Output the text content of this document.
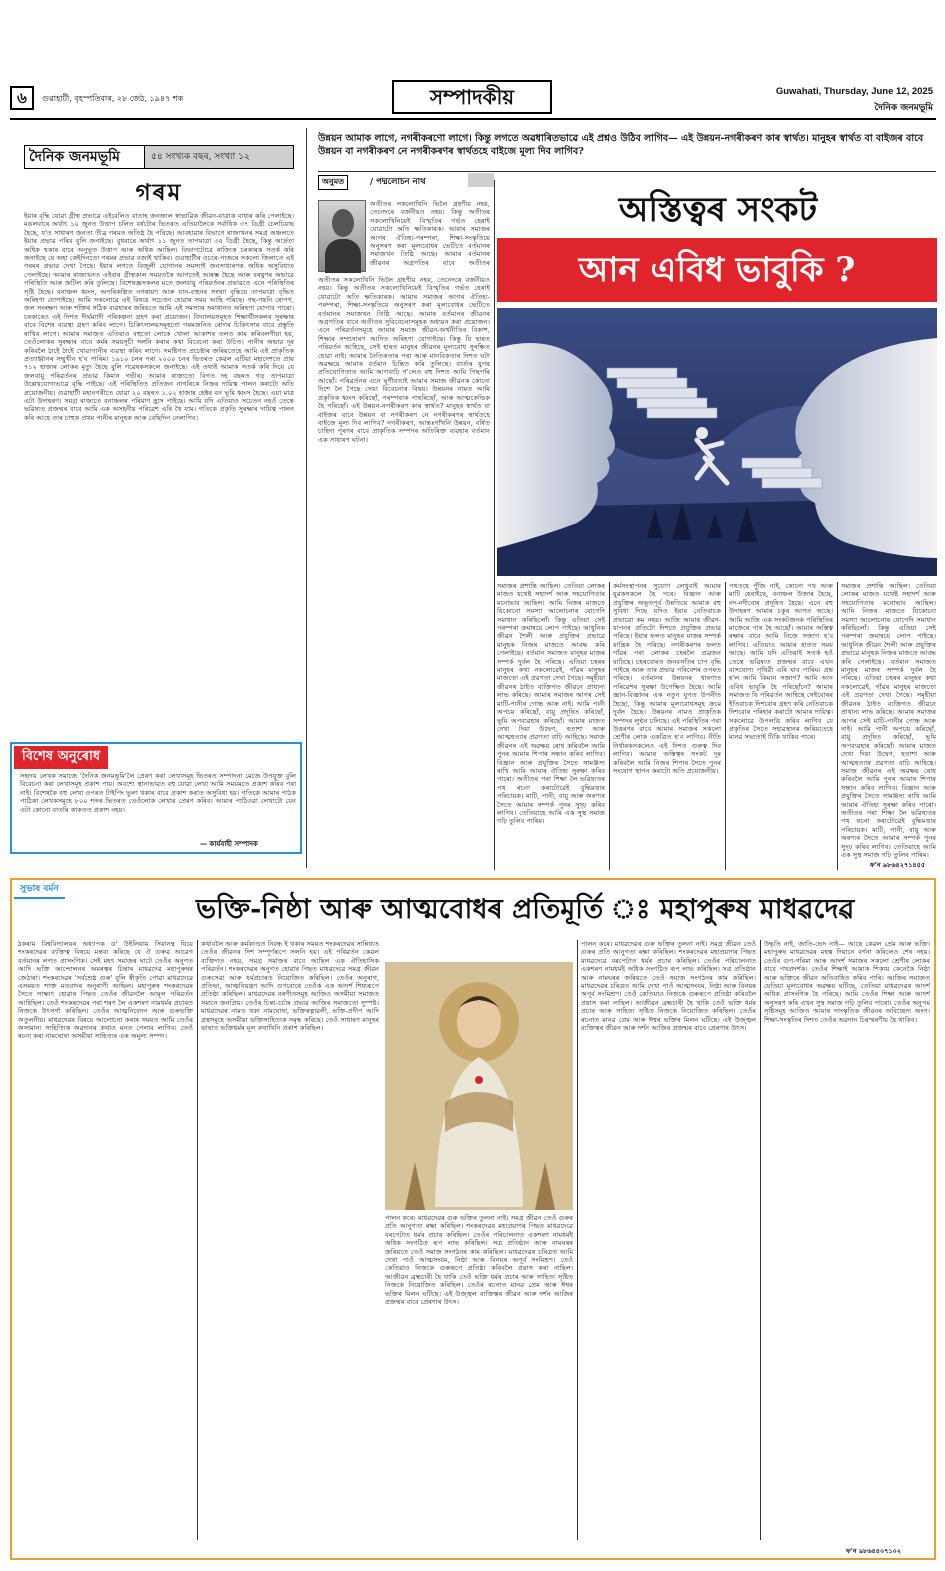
৬	গুৱাহাটী, বৃহস্পতিবাৰ, ২৮ জেঠ, ১৯৪৭ শক	সম্পাদকীয়	Guwahati, Thursday, June 12, 2025
দৈনিক জনমভূমি
দৈনিক জনমভূমি	৫৪ সংখ্যক বছৰ, সংখ্যা ১২
গৰম
ইয়াৰ বৃদ্ধি যোৱা গ্ৰীষ্ম প্ৰভাৱে এইবেলিও বাতাহ জনজাল স্বাভাৱিক জীৱন-যাত্ৰাক বাধাৰ কৰি পেলাইছে। মঙলবাৰে অৰ্থাৎ ১০ জুনত উত্তাপ চলিত বৰ্ষটোৰ ভিতৰত এতিয়ালৈকে সৰ্বাধিক ৩৭ ডিগ্ৰী চেলচিয়াছ হৈছে, য'ত সাধাৰণ জনতা তীব্ৰ গৰমত অতিষ্ঠ হৈ পৰিছে। আবহাৱাৰ বিভাগে ৰাজ্যখনৰ সমগ্ৰ অঞ্চলতে ইয়াৰ প্ৰভাৱ পৰিব বুলি জনাইছে। বুধবাৰে অৰ্থাৎ ১১ জুনত তাপমাত্ৰা ৩৫ ডিগ্ৰী হৈছে, কিন্তু আৰ্দ্ৰতা অধিক থকাৰ বাবে অনুভূত উত্তাপ আৰু অধিক আছিল। বিভাগটোৱে ৰাজ্যিক চৰকাৰক সতৰ্ক কৰি জনাইছে যে অহা কেইদিনতো গৰমৰ প্ৰভাৱ বজাই থাকিব। গুৱাহাটীৰ ওচৰে-পাজৰে সকলো জিলাতে এই গৰমৰ প্ৰভাৱ দেখা গৈছে। ইয়াৰ লগতে বিজুলী যোগানৰ সমস্যাই জনসাধাৰণক অধিক অসুবিধাত পেলাইছে। আমাৰ ৰাজ্যখনত এইবাৰ গ্ৰীষ্মকাল সময়তকৈ আগতেই আৰম্ভ হৈছে আৰু বৰষুণৰ অভাৱে পৰিস্থিতি আৰু জটিল কৰি তুলিছে। বিশেষজ্ঞসকলৰ মতে জলবায়ু পৰিৱৰ্তনৰ প্ৰভাৱতে এনে পৰিস্থিতিৰ সৃষ্টি হৈছে। বনাঞ্চল ধ্বংস, অপৰিকল্পিত নগৰায়ণ আৰু যান-বাহনৰ সংখ্যা বৃদ্ধিয়ে তাপমাত্ৰা বৃদ্ধিত অৰিহণা যোগাইছে। আমি সকলোৱে এই বিষয়ে সচেতন হোৱাৰ সময় আহি পৰিছে। গছ-গছনি ৰোপণ, জল সংৰক্ষণ আৰু শক্তিৰ সঠিক ব্যৱহাৰৰ জৰিয়তে আমি এই সমস্যাৰ সমাধানত অৰিহণা যোগাব পাৰো। চৰকাৰেও এই দিশত দীৰ্ঘম্যাদী পৰিকল্পনা গ্ৰহণ কৰা প্ৰয়োজন। বিদ্যালয়সমূহত শিক্ষাৰ্থীসকলৰ সুৰক্ষাৰ বাবে বিশেষ ব্যৱস্থা গ্ৰহণ কৰিব লাগে। চিকিৎসালয়সমূহতো গৰমজনিত ৰোগৰ চিকিৎসাৰ বাবে প্ৰস্তুতি ৰাখিব লাগে। আমাৰ সমাজত এতিয়াও বহুতো লোকে খোলা আকাশৰ তলত কাম কৰিবলগীয়া হয়, তেওঁলোকৰ সুৰক্ষাৰ বাবে কৰ্মৰ সময়সূচী সলনি কৰাৰ কথা বিবেচনা কৰা উচিত। পানীৰ অভাৱ দূৰ কৰিবলৈ ঠাইে ঠাইে খোৱাপানীৰ ব্যৱস্থা কৰিব লাগে। সমষ্টিগত প্ৰচেষ্টাৰ জৰিয়তেহে আমি এই প্ৰাকৃতিক প্ৰত্যাহ্বানৰ সন্মুখীন হ'ব পাৰিম। ১৯১০ চনৰ পৰা ২০০০ চনৰ ভিতৰত কেৱল এটিয়া মহাদেশতে প্ৰায় ৭১২ হাজাৰ লোকৰ মৃত্যু হৈছে বুলি গৱেষকসকলে জনাইছে। এই তথ্যই আমাক সতৰ্ক কৰি দিয়ে যে জলবায়ু পৰিৱৰ্তনৰ প্ৰভাৱ কিমান গভীৰ। আমাৰ ৰাজ্যতো বিগত দহ বছৰত গড় তাপমাত্ৰা উল্লেখযোগ্যভাৱে বৃদ্ধি পাইছে। এই পৰিস্থিতিত প্ৰতিজন নাগৰিকে নিজৰ দায়িত্ব পালন কৰাটো অতি প্ৰয়োজনীয়। গুৱাহাটী মহানগৰীতে যোৱা ২০ বছৰত ১.০২ হাজাৰ হেক্টৰ বন ভূমি ধ্বংস হৈছে। এয়া মাত্ৰ এটা উদাহৰণ। সমগ্ৰ ৰাজ্যতে বনাঞ্চলৰ পৰিমাণ হ্ৰাস পাইছে। আমি যদি এতিয়াও সচেতন নহওঁ তেন্তে ভৱিষ্যত প্ৰজন্মৰ বাবে আমি এক অসহনীয় পৰিৱেশ এৰি থৈ যাম। গতিকে প্ৰকৃতি সুৰক্ষাৰ দায়িত্ব পালন কৰি আহে তাৰ চাহুক প্ৰথম পানীৰ মানুহক আৰু বেছিদিন নেলাগিব।
বিশেষ অনুৰোধ
সহৃদয় লেখক সমাজে 'দৈনিক জনমভূমি'লৈ প্ৰেৰণ কৰা লেখাসমূহ ভিতৰত সম্পাদনা মেজে উপযুক্ত বুলি বিবেচনা কৰা লেখাসমূহ প্ৰকাশ পায়। অবশ্যে স্থানাভাৱত বহু যোৱা লেখা আমি সময়মতে প্ৰকাশ কৰিব পৰা নাই। বিশেষকৈ বহু লেখা ওপৰত টাইপিং ভুলা থকাৰ বাবে প্ৰকাশ কৰাত অসুবিধা হয়। গতিকে আমাৰ পাঠক পাঠিকা লেখকসমূহে ৮০০ শব্দৰ ভিতৰত তেওঁলোক লেখাৰ প্ৰেৰণ কৰিব। আমাৰ পাঠিওৱা লেখাটো যেন এটা কোনো বাতৰি কাকতত প্ৰকাশ নহয়।
— কাৰ্যবাহী সম্পাদক
উন্নয়ন আমাক লাগে, নগৰীকৰণো লাগে। কিন্তু লগতে অৱধাৰিতভাৱে এই প্ৰশ্নও উঠিব লাগিব— এই উন্নয়ন-নগৰীকৰণ কাৰ স্বাৰ্থত। মানুহৰ স্বাৰ্থত বা বাইজৰ বাবে উন্নয়ন বা নগৰীকৰণ নে নগৰীকৰণৰ স্বাৰ্থতহে বাইজে মূল্য দিব লাগিব?
অনুমত	/ পদ্মলোচন নাথ
অতীতৰ সকলোখিনি ভিলৈ গ্ৰহণীয় নহয়, তেনেদৰে বৰ্জনীয়ও নহয়। কিন্তু অতীতৰ সকলোখিনিয়েই বিস্মৃতিৰ গৰ্ভত হেৰাই যোৱাটো অতি ক্ষতিকাৰক। আমাৰ সমাজৰ আগৰ ঐতিহ্য-পৰম্পৰা, শিক্ষা-সংস্কৃতিয়ে অনুসৰণ কৰা মূল্যবোধৰ ভেটিতে বৰ্তমানৰ সমাজখন তিষ্ঠি আছে। আমাৰ বৰ্তমানৰ জীৱনৰ অগ্ৰগতিৰ বাবে অতীতৰ
অতীতৰ সকলোখিনি ভিলৈ গ্ৰহণীয় নহয়, তেনেদৰে বৰ্জনীয়ও নহয়। কিন্তু অতীতৰ সকলোখিনিয়েই বিস্মৃতিৰ গৰ্ভত হেৰাই যোৱাটো অতি ক্ষতিকাৰক। আমাৰ সমাজৰ আগৰ ঐতিহ্য-পৰম্পৰা, শিক্ষা-সংস্কৃতিয়ে অনুসৰণ কৰা মূল্যবোধৰ ভেটিতে বৰ্তমানৰ সমাজখন তিষ্ঠি আছে। আমাৰ বৰ্তমানৰ জীৱনৰ অগ্ৰগতিৰ বাবে অতীতৰ সুবিবেচনাসমূহক অধ্যয়ন কৰা প্ৰয়োজন। এনে পৰিৱৰ্তনসমূহে আমাৰ সমাজ জীৱন-অৰ্থনীতিৰ বিকাশ, শিক্ষাৰ সম্প্ৰসাৰণ আদিত অৰিহণা যোগাইছে। কিন্তু যি হাৰত পৰিৱৰ্তন আহিছে, সেই হাৰত মানুহৰ জীৱনৰ মূল্যবোধ সুৰক্ষিত হোৱা নাই। আমাৰ নৈতিকতাৰ পৰা আৰু মানবিকতাৰ দিশত ঘটা অৱক্ষয়ে আমাক বৰ্তমান চিন্তিত কৰি তুলিছে। বাৰ্তাৰ যুগৰ প্ৰতিযোগিতাত আমি আগবাঢ়ি গ'লেও বহু দিশত আমি পিছপৰি আছোঁ। পৰিৱৰ্তনৰ এনে ঘূৰ্ণীবতাই আমাৰ সমাজ জীৱনক কোনো দিশে লৈ গৈছে সেয়া বিবেচনাৰ বিষয়। উন্নয়নৰ নামত আমি প্ৰকৃতিক ধ্বংস কৰিছোঁ, পৰম্পৰাক পাহৰিছোঁ, আৰু আত্মকেন্দ্ৰিক হৈ পৰিছোঁ। এই উন্নয়ন-নগৰীকৰণ কাৰ স্বাৰ্থত? মানুহৰ স্বাৰ্থত বা বাইজৰ বাবে উন্নয়ন বা নগৰীকৰণ নে নগৰীকৰণৰ স্বাৰ্থতহে বাইজে মূল্য দিব লাগিব? নগৰীকৰণ, আন্তঃগাঁথনি উন্নয়ন, বৰ্ষিত চাহিদা পূৰণৰ বাবে প্ৰাকৃতিক সম্পদৰ অতিৰিক্ত ব্যৱহাৰ বৰ্তমান এক সাধাৰণ ঘটনা।
অস্তিত্বৰ সংকট
আন এবিধ ভাবুকি ?
সমাজৰ প্ৰশান্তি আছিল। তেতিয়া লোকৰ মাজত যথেষ্ট সহাদৰ্শ আৰু সহযোগিতাৰ মনোভাব আছিল। আমি নিজৰ মাজতে যিকোনো সমস্যা আলোচনাৰ যোগেদি সমাধান কৰিছিলোঁ। কিন্তু এতিয়া সেই পৰম্পৰা ক্ৰমান্বয়ে লোপ পাইছে। আধুনিক জীৱন শৈলী আৰু প্ৰযুক্তিৰ প্ৰভাৱে মানুহক নিজৰ মাজতে আবদ্ধ কৰি পেলাইছে। বৰ্তমান সমাজত মানুহৰ মাজৰ সম্পৰ্ক দুৰ্বল হৈ পৰিছে। এতিয়া চহৰৰ মানুহৰ কথা নকলোৱেই, গাঁৱৰ মানুহৰ মাজতো এই প্ৰৱণতা দেখা গৈছে। সমূহীয়া জীৱনৰ ঠাইত ব্যক্তিগত জীৱনে প্ৰাধান্য লাভ কৰিছে। আমাৰ সমাজৰ আগৰ সেই মাটি-পানীৰ গোন্ধ আৰু নাই। আমি পানী অপচয় কৰিছোঁ, বায়ু প্ৰদূষিত কৰিছোঁ, ভূমি অপব্যৱহাৰ কৰিছোঁ। আমাৰ মাজত দেখা দিয়া উদ্বেগ, হতাশা আৰু আত্মহত্যাৰ প্ৰৱণতা বাঢ়ি আহিছে। সমাজ জীৱনৰ এই অৱক্ষয় ৰোধ কৰিবলৈ আমি পুনৰ আমাৰ শিপাৰ সন্ধান কৰিব লাগিব। বিজ্ঞান আৰু প্ৰযুক্তিৰ সৈতে সামঞ্জস্য ৰাখি আমি আমাৰ ঐতিহ্য সুৰক্ষা কৰিব পাৰো। অতীতৰ পৰা শিক্ষা লৈ ভৱিষ্যতৰ পথ ৰচনা কৰাটোৱেই বুদ্ধিমত্তাৰ পৰিচায়ক। মাটি, পানী, বায়ু আৰু অৰণ্যৰ সৈতে আমাৰ সম্পৰ্ক পুনৰ সুদৃঢ় কৰিব লাগিব। তেতিয়াহে আমি এক সুস্থ সমাজ গঢ়ি তুলিব পাৰিম।
কৰ্মসংস্থাপনৰ সুযোগ লেখুবাই আমাৰ যুৱকসকলে হৈ পৰে। বিজ্ঞান আৰু প্ৰযুক্তিৰ অভূতপূৰ্ব উন্নতিয়ে আমাক বহু সুবিধা দিছে যদিও ইয়াৰ নেতিবাচক প্ৰভাৱো কম নহয়। আজি আমাৰ জীৱন-যাপনৰ প্ৰতিটো দিশতে প্ৰযুক্তিৰ প্ৰভাৱ পৰিছে। ইয়াৰ ফলত মানুহৰ মাজৰ সম্পৰ্ক যান্ত্ৰিক হৈ পৰিছে। নগৰীকৰণৰ ফলত গাঁৱৰ পৰা লোকৰ চহৰলৈ প্ৰব্ৰজন বাঢ়িছে। চহৰবোৰত জনবসতিৰ চাপ বৃদ্ধি পাইছে আৰু তাৰ প্ৰভাৱ পৰিবেশৰ ওপৰত পৰিছে। বৰ্তমানৰ উন্নয়নৰ ধাৰণাত পৰিৱেশৰ সুৰক্ষা উপেক্ষিত হৈছে। আমি জ্ঞান-বিজ্ঞানৰ এক নতুন যুগত উপনীত হৈছো, কিন্তু আমাৰ মূল্যবোধসমূহ ক্ৰমে দুৰ্বল হৈছে। উন্নয়নৰ নামত প্ৰাকৃতিক সম্পদৰ লুণ্ঠন চলিছে। এই পৰিস্থিতিৰ পৰা উত্তৰণৰ বাবে আমাৰ সমাজৰ সকলো শ্ৰেণীৰ লোক একত্ৰিত হ'ব লাগিব। নীতি নিৰ্ধাৰকসকলেও এই দিশত গুৰুত্ব দিব লাগিব। আমাৰ অস্তিত্বৰ সংকট দূৰ কৰিবলৈ আমি নিজৰ শিপাৰ সৈতে পুনৰ সংযোগ স্থাপন কৰাটো অতি প্ৰয়োজনীয়।
পথতহে পুঁজি নাই, কোনো পথ আৰু মাটি হেৰাইছে, বনাঞ্চল উজাৰ হৈছে, নদ-নদীবোৰ প্ৰদূষিত হৈছে। এনে বহু উদাহৰণ আমাৰ চকুৰ আগত আছে। আমি আজি এক সংকটজনক পৰিস্থিতিৰ মাজেৰে পাৰ হৈ আছোঁ। আমাৰ অস্তিত্ব ৰক্ষাৰ বাবে আমি নিজে সজাগ হ'ব লাগিব। এতিয়াও আমাৰ হাতত সময় আছে। আমি যদি এতিয়াই সতৰ্ক হওঁ তেন্তে ভৱিষ্যত প্ৰজন্মৰ বাবে এখন বাসযোগ্য পৃথিৱী এৰি যাব পাৰিম। প্ৰশ্ন হ'ল আমি কিমান সজাগ? আমি আন এবিধ ভাবুকি হৈ পৰিছোঁনে? আমাৰ সমাজত যি পৰিৱৰ্তন আহিছে সেইবোৰৰ ইতিবাচক দিশবোৰ গ্ৰহণ কৰি নেতিবাচক দিশবোৰ পৰিহাৰ কৰাটো আমাৰ দায়িত্ব। সকলোৱে উপলব্ধি কৰিব লাগিব যে প্ৰকৃতিৰ সৈতে সহাৱস্থানৰ জৰিয়তেহে মানৱ সভ্যতাই টিকি থাকিব পাৰে।
সমাজৰ প্ৰশান্তি আছিল। তেতিয়া লোকৰ মাজত যথেষ্ট সহাদৰ্শ আৰু সহযোগিতাৰ মনোভাব আছিল। আমি নিজৰ মাজতে যিকোনো সমস্যা আলোচনাৰ যোগেদি সমাধান কৰিছিলোঁ। কিন্তু এতিয়া সেই পৰম্পৰা ক্ৰমান্বয়ে লোপ পাইছে। আধুনিক জীৱন শৈলী আৰু প্ৰযুক্তিৰ প্ৰভাৱে মানুহক নিজৰ মাজতে আবদ্ধ কৰি পেলাইছে। বৰ্তমান সমাজত মানুহৰ মাজৰ সম্পৰ্ক দুৰ্বল হৈ পৰিছে। এতিয়া চহৰৰ মানুহৰ কথা নকলোৱেই, গাঁৱৰ মানুহৰ মাজতো এই প্ৰৱণতা দেখা গৈছে। সমূহীয়া জীৱনৰ ঠাইত ব্যক্তিগত জীৱনে প্ৰাধান্য লাভ কৰিছে। আমাৰ সমাজৰ আগৰ সেই মাটি-পানীৰ গোন্ধ আৰু নাই। আমি পানী অপচয় কৰিছোঁ, বায়ু প্ৰদূষিত কৰিছোঁ, ভূমি অপব্যৱহাৰ কৰিছোঁ। আমাৰ মাজত দেখা দিয়া উদ্বেগ, হতাশা আৰু আত্মহত্যাৰ প্ৰৱণতা বাঢ়ি আহিছে। সমাজ জীৱনৰ এই অৱক্ষয় ৰোধ কৰিবলৈ আমি পুনৰ আমাৰ শিপাৰ সন্ধান কৰিব লাগিব। বিজ্ঞান আৰু প্ৰযুক্তিৰ সৈতে সামঞ্জস্য ৰাখি আমি আমাৰ ঐতিহ্য সুৰক্ষা কৰিব পাৰো। অতীতৰ পৰা শিক্ষা লৈ ভৱিষ্যতৰ পথ ৰচনা কৰাটোৱেই বুদ্ধিমত্তাৰ পৰিচায়ক। মাটি, পানী, বায়ু আৰু অৰণ্যৰ সৈতে আমাৰ সম্পৰ্ক পুনৰ সুদৃঢ় কৰিব লাগিব। তেতিয়াহে আমি এক সুস্থ সমাজ গঢ়ি তুলিব পাৰিম।
ফ'ন ৯৮৬৪২৭১৪৫৫
সুভাষ বৰ্মন
ভক্তি-নিষ্ঠা আৰু আত্মবোধৰ প্ৰতিমূৰ্তি ঃ মহাপুৰুষ মাধৱদেৱ
ঠকৰাম বিশ্ববিদ্যালয়ৰ অধ্যাপক ড' উইলিয়াম সিয়ানন্থ যিয়ে শংকৰদেৱৰ ব্যক্তিত্ব বিষয়ে মন্তব্য কৰিছে যে ঐ গুৰুৱ আৱেগ বৰ্তমানৰ লগত প্ৰাসংগিক। সেই মহৎ সমাজৰ ঘাটে তেওঁৰ অনুগত আদি ভক্তি আন্দোলনৰ অমৰত্বৰ চিন্তাৰ মাধৱদেৱ মহাপুৰুষৰ জেঠাৰা। শংকৰদেৱৰ 'সৰ্বশ্ৰেষ্ঠ গুৰু' বুলি স্বীকৃতি পোৱা মাধৱদেৱে এসময়ত শাক্ত মতবাদৰ অনুৰাগী আছিল। মহাপুৰুষ শংকৰদেৱৰ সৈতে সাক্ষাৎ হোৱাৰ পিছত তেওঁৰ জীৱনলৈ আমূল পৰিৱৰ্তন আহিছিল। তেওঁ শংকৰদেৱৰ পৰা শৰণ লৈ একশৰণ নামধৰ্মৰ প্ৰচাৰত নিজকে উৎসৰ্গা কৰিছিল। তেওঁৰ আত্মনিবেদন আৰু গুৰুভক্তি অতুলনীয়। মাধৱদেৱৰ বিষয়ে আলোচনা কৰাৰ সময়ত আমি তেওঁৰ অসামান্য সাহিত্যিক অৱদানৰ কথাও মনত পেলাব লাগিব। তেওঁ ৰচনা কৰা নামঘোষা অসমীয়া সাহিত্যৰ এক অমূল্য সম্পদ।
কথাবলৈ আৰু কৰ্মকাণ্ডত নিবন্ধ ই থকাৰ সময়ত শংকৰদেৱৰ সান্নিধ্যত তেওঁৰ জীৱনৰ দিশ সম্পূৰ্ণৰূপে সলনি হয়। এই পৰিৱৰ্তন কেৱল ব্যক্তিগত নহয়, সমগ্ৰ সমাজৰ বাবে আছিল এক ঐতিহাসিক পৰিৱৰ্তন। শংকৰদেৱৰ অনুগত হোৱাৰ পিছত মাধৱদেৱে সমগ্ৰ জীৱন গুৰুসেৱা আৰু ধৰ্মপ্ৰচাৰত নিয়োজিত কৰিছিল। তেওঁৰ অনুৰাগ, প্ৰতিভা, আত্মনিয়ন্ত্ৰণ আদি গুণবোৰে তেওঁক এক আদৰ্শ শিষ্যৰূপে প্ৰতিষ্ঠা কৰিছিল। মাধৱদেৱৰ বৰগীতসমূহ আজিও অসমীয়া সমাজত সমানে জনপ্ৰিয়। তেওঁৰ চিন্তা-চৰ্চাৰ প্ৰভাৱ আজিৰ সমাজতো সুস্পষ্ট। মাধৱদেৱৰ নামত থকা নামঘোষা, ভক্তিৰত্নাৱলী, ভক্তি-প্ৰদীপ আদি গ্ৰন্থসমূহে অসমীয়া ভক্তিসাহিত্যক সমৃদ্ধ কৰিছে। তেওঁ সাধাৰণ মানুহৰ ভাষাত ভক্তিধৰ্মৰ মূল কথাখিনি প্ৰকাশ কৰিছিল।
পালন কৰে। মাধৱদেৱৰ গুৰু ভক্তিৰ তুলনা নাই। সমগ্ৰ জীৱন তেওঁ গুৰুৰ প্ৰতি আনুগত্য ৰক্ষা কৰিছিল। শংকৰদেৱৰ মহাপ্ৰয়াণৰ পিছত মাধৱদেৱে বৰপেটাত ধৰ্মৰ প্ৰচাৰ কৰিছিল। তেওঁৰ পৰিচালনাত একশৰণ নামধৰ্মই অধিক সংগঠিত ৰূপ লাভ কৰিছিল। সত্ৰ প্ৰতিষ্ঠান আৰু নামঘৰৰ জৰিয়তে তেওঁ সমাজ সংগঠনৰ কাম কৰিছিল। মাধৱদেৱৰ চৰিত্ৰত আমি দেখা পাওঁ আত্মসংযম, নিষ্ঠা আৰু বিনয়ৰ অপূৰ্ব সংমিশ্ৰণ। তেওঁ কেতিয়াও নিজকে গুৰুৰূপে প্ৰতিষ্ঠা কৰিবলৈ প্ৰয়াস কৰা নাছিল। আজীৱন ব্ৰহ্মচাৰী হৈ থাকি তেওঁ ভক্তি ধৰ্মৰ প্ৰচাৰ আৰু সাহিত্য সৃষ্টিত নিজকে নিয়োজিত কৰিছিল। তেওঁৰ ৰচনাত মানৱ প্ৰেম আৰু ঈশ্বৰ ভক্তিৰ মিলন ঘটিছে। এই উজ্জ্বল ব্যক্তিত্বৰ জীৱন আৰু দৰ্শন আজিৰ প্ৰজন্মৰ বাবে প্ৰেৰণাৰ উৎস।
পালন কৰে। মাধৱদেৱৰ গুৰু ভক্তিৰ তুলনা নাই। সমগ্ৰ জীৱন তেওঁ গুৰুৰ প্ৰতি আনুগত্য ৰক্ষা কৰিছিল। শংকৰদেৱৰ মহাপ্ৰয়াণৰ পিছত মাধৱদেৱে বৰপেটাত ধৰ্মৰ প্ৰচাৰ কৰিছিল। তেওঁৰ পৰিচালনাত একশৰণ নামধৰ্মই অধিক সংগঠিত ৰূপ লাভ কৰিছিল। সত্ৰ প্ৰতিষ্ঠান আৰু নামঘৰৰ জৰিয়তে তেওঁ সমাজ সংগঠনৰ কাম কৰিছিল। মাধৱদেৱৰ চৰিত্ৰত আমি দেখা পাওঁ আত্মসংযম, নিষ্ঠা আৰু বিনয়ৰ অপূৰ্ব সংমিশ্ৰণ। তেওঁ কেতিয়াও নিজকে গুৰুৰূপে প্ৰতিষ্ঠা কৰিবলৈ প্ৰয়াস কৰা নাছিল। আজীৱন ব্ৰহ্মচাৰী হৈ থাকি তেওঁ ভক্তি ধৰ্মৰ প্ৰচাৰ আৰু সাহিত্য সৃষ্টিত নিজকে নিয়োজিত কৰিছিল। তেওঁৰ ৰচনাত মানৱ প্ৰেম আৰু ঈশ্বৰ ভক্তিৰ মিলন ঘটিছে। এই উজ্জ্বল ব্যক্তিত্বৰ জীৱন আৰু দৰ্শন আজিৰ প্ৰজন্মৰ বাবে প্ৰেৰণাৰ উৎস।
উদ্ধৃতি নাই, জাতি-ভেদ নাই— আছে কেৱল প্ৰেম আৰু ভক্তি। মহাপুৰুষ মাধৱদেৱৰ মহত্ব দিয়ানে বৰ্ণনা কৰিলেও শেষ নহয়। তেওঁৰ গুণ-গৰিমা আৰু আদৰ্শ সমাজৰ সকলো শ্ৰেণীৰ লোকৰ বাবে পথপ্ৰদৰ্শক। তেওঁৰ শিক্ষাই আমাক শিকায় কেনেকৈ নিষ্ঠা আৰু ভক্তিৰে জীৱন অতিবাহিত কৰিব পাৰি। আজিৰ সমাজত যেতিয়া মূল্যবোধৰ অৱক্ষয় ঘটিছে, তেতিয়া মাধৱদেৱৰ আদৰ্শ অধিক প্ৰাসংগিক হৈ পৰিছে। আমি তেওঁৰ শিক্ষা আৰু আদৰ্শ অনুসৰণ কৰি এখন সুস্থ সমাজ গঢ়ি তুলিব পাৰো। তেওঁৰ অনুপম সৃষ্টিসমূহ আজিও আমাৰ সাংস্কৃতিক জীৱনৰ অবিচ্ছেদ্য অংগ। শিক্ষা-সংস্কৃতিৰ দিশত তেওঁৰ অৱদান চিৰস্মৰণীয় হৈ থাকিব।
ফ'ন ৯৮৬৪৪০৭১০২
